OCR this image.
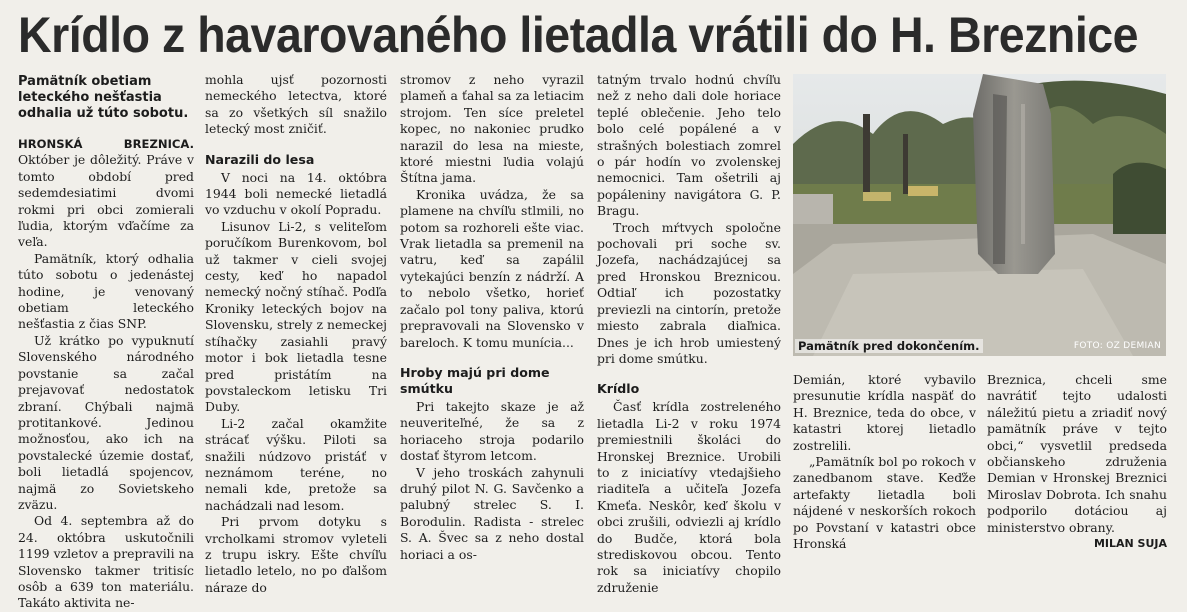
Krídlo z havarovaného lietadla vrátili do H. Breznice
Pamätník obetiam leteckého nešťastia odhalia už túto sobotu.

HRONSKÁ BREZNICA. Október je dôležitý. Práve v tomto období pred sedemdesiatimi dvomi rokmi pri obci zomierali ľudia, ktorým vďačíme za veľa.

Pamätník, ktorý odhalia túto sobotu o jedenástej hodine, je venovaný obetiam leteckého nešťastia z čias SNP.

Už krátko po vypuknutí Slovenského národného povstanie sa začal prejavovať nedostatok zbraní. Chýbali najmä protitankové. Jedinou možnosťou, ako ich na povstalecké územie dostať, boli lietadlá spojencov, najmä zo Sovietskeho zväzu.

Od 4. septembra až do 24. októbra uskutočnili 1199 vzletov a prepravili na Slovensko takmer tritisíc osôb a 639 ton materiálu. Takáto aktivita ne-

mohla ujsť pozornosti nemeckého letectva, ktoré sa zo všetkých síl snažilo letecký most zničiť.

Narazili do lesa

V noci na 14. októbra 1944 boli nemecké lietadlá vo vzduchu v okolí Popradu.

Lisunov Li-2, s veliteľom poručíkom Burenkovom, bol už takmer v cieli svojej cesty, keď ho napadol nemecký nočný stíhač. Podľa Kroniky leteckých bojov na Slovensku, strely z nemeckej stíhačky zasiahli pravý motor i bok lietadla tesne pred pristátím na povstaleckom letisku Tri Duby.

Li-2 začal okamžite strácať výšku. Piloti sa snažili núdzovo pristáť v neznámom teréne, no nemali kde, pretože sa nachádzali nad lesom.

Pri prvom dotyku s vrcholkami stromov vyleteli z trupu iskry. Ešte chvíľu lietadlo letelo, no po ďalšom náraze do

stromov z neho vyrazil plameň a ťahal sa za letiacim strojom. Ten síce preletel kopec, no nakoniec prudko narazil do lesa na mieste, ktoré miestni ľudia volajú Štítna jama.

Kronika uvádza, že sa plamene na chvíľu stlmili, no potom sa rozhoreli ešte viac. Vrak lietadla sa premenil na vatru, keď sa zapálil vytekajúci benzín z nádrží. A to nebolo všetko, horieť začalo pol tony paliva, ktorú prepravovali na Slovensko v bareloch. K tomu munícia...

Hroby majú pri dome smútku

Pri takejto skaze je až neuveriteľné, že sa z horiaceho stroja podarilo dostať štyrom letcom.

V jeho troskách zahynuli druhý pilot N. G. Savčenko a palubný strelec S. I. Borodulin. Radista - strelec S. A. Švec sa z neho dostal horiaci a os-

tatným trvalo hodnú chvíľu než z neho dali dole horiace teplé oblečenie. Jeho telo bolo celé popálené a v strašných bolestiach zomrel o pár hodín vo zvolenskej nemocnici. Tam ošetrili aj popáleniny navigátora G. P. Bragu.

Troch mŕtvych spoločne pochovali pri soche sv. Jozefa, nachádzajúcej sa pred Hronskou Breznicou. Odtiaľ ich pozostatky previezli na cintorín, pretože miesto zabrala diaľnica. Dnes je ich hrob umiestený pri dome smútku.

Krídlo

Časť krídla zostreleného lietadla Li-2 v roku 1974 premiestnili školáci do Hronskej Breznice. Urobili to z iniciatívy vtedajšieho riaditeľa a učiteľa Jozefa Kmeťa. Neskôr, keď školu v obci zrušili, odviezli aj krídlo do Budče, ktorá bola strediskovou obcou. Tento rok sa iniciatívy chopilo združenie

Pamätník pred dokončením.	FOTO: OZ DEMIAN

Demián, ktoré vybavilo presunutie krídla naspäť do H. Breznice, teda do obce, v katastri ktorej lietadlo zostrelili.

„Pamätník bol po rokoch v zanedbanom stave. Keďže artefakty lietadla boli nájdené v neskorších rokoch po Povstaní v katastri obce Hronská

Breznica, chceli sme navrátiť tejto udalosti náležitú pietu a zriadiť nový pamätník práve v tejto obci,“ vysvetlil predseda občianskeho združenia Demian v Hronskej Breznici Miroslav Dobrota. Ich snahu podporilo dotáciou aj ministerstvo obrany.
MILAN SUJA
